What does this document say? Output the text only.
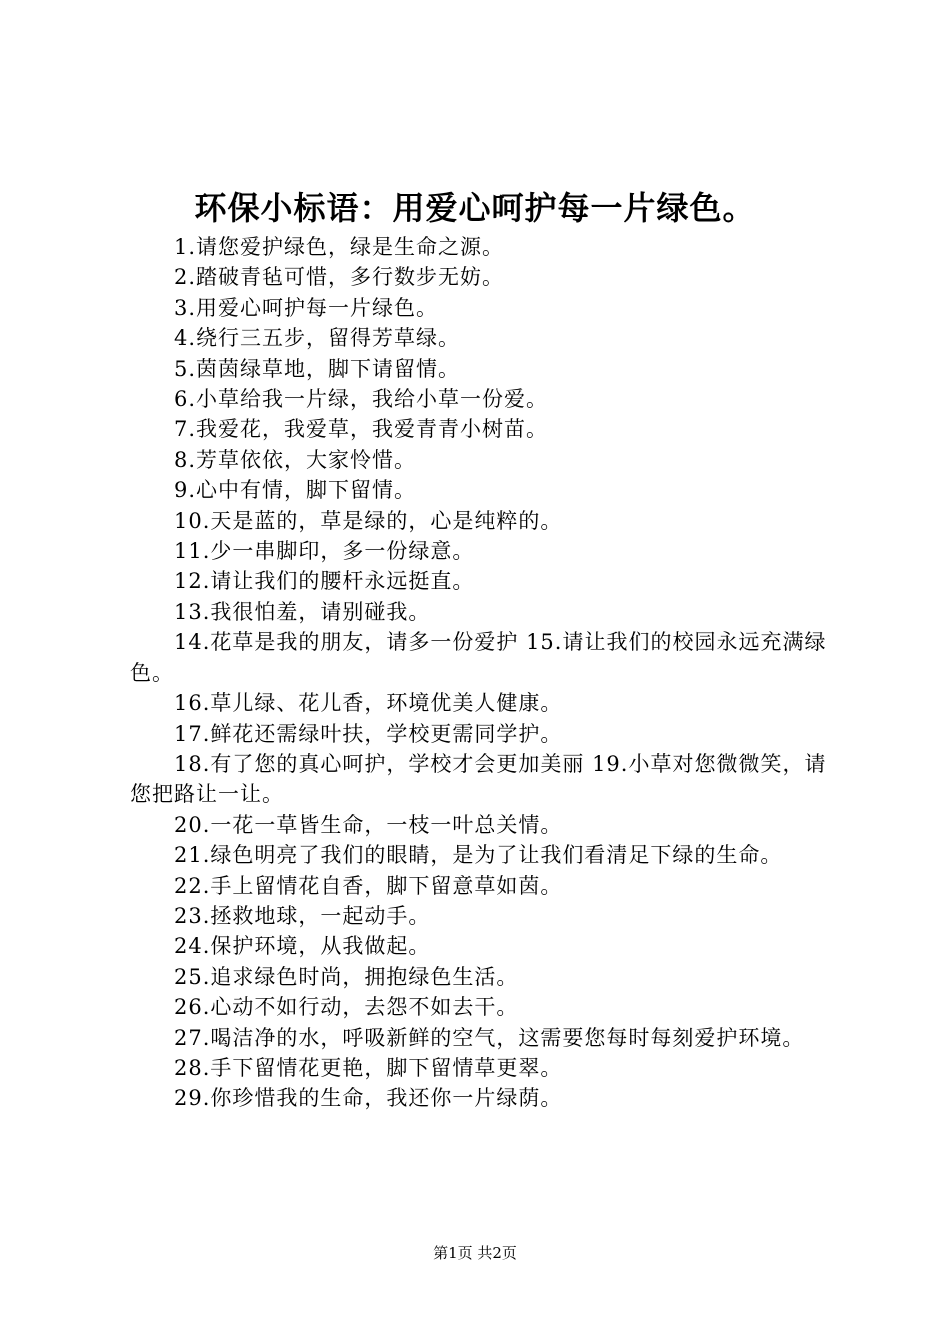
环保小标语：用爱心呵护每一片绿色。

1.请您爱护绿色，绿是生命之源。

2.踏破青毡可惜，多行数步无妨。

3.用爱心呵护每一片绿色。

4.绕行三五步，留得芳草绿。

5.茵茵绿草地，脚下请留情。

6.小草给我一片绿，我给小草一份爱。

7.我爱花，我爱草，我爱青青小树苗。

8.芳草依依，大家怜惜。

9.心中有情，脚下留情。

10.天是蓝的，草是绿的，心是纯粹的。

11.少一串脚印，多一份绿意。

12.请让我们的腰杆永远挺直。

13.我很怕羞，请别碰我。

14.花草是我的朋友，请多一份爱护 15.请让我们的校园永远充满绿色。

16.草儿绿、花儿香，环境优美人健康。

17.鲜花还需绿叶扶，学校更需同学护。

18.有了您的真心呵护，学校才会更加美丽 19.小草对您微微笑，请您把路让一让。

20.一花一草皆生命，一枝一叶总关情。

21.绿色明亮了我们的眼睛，是为了让我们看清足下绿的生命。

22.手上留情花自香，脚下留意草如茵。

23.拯救地球，一起动手。

24.保护环境，从我做起。

25.追求绿色时尚，拥抱绿色生活。

26.心动不如行动，去怨不如去干。

27.喝洁净的水，呼吸新鲜的空气，这需要您每时每刻爱护环境。

28.手下留情花更艳，脚下留情草更翠。

29.你珍惜我的生命，我还你一片绿荫。

第1页 共2页
